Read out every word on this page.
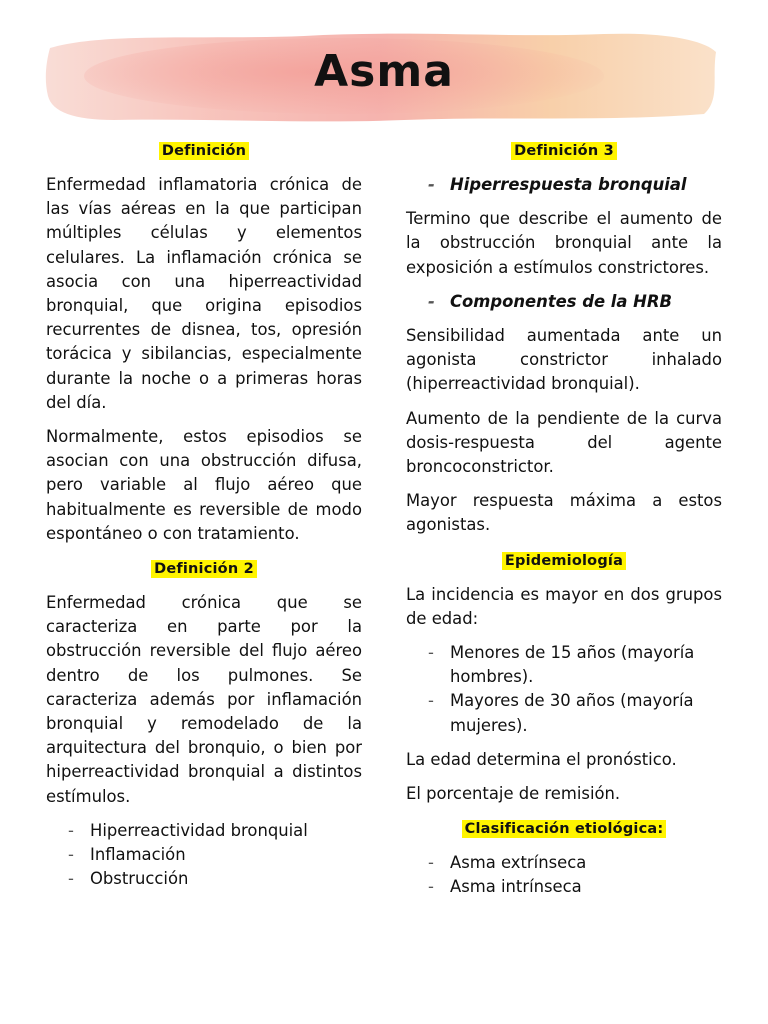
Asma
Definición
Enfermedad inflamatoria crónica de las vías aéreas en la que participan múltiples células y elementos celulares. La inflamación crónica se asocia con una hiperreactividad bronquial, que origina episodios recurrentes de disnea, tos, opresión torácica y sibilancias, especialmente durante la noche o a primeras horas del día.
Normalmente, estos episodios se asocian con una obstrucción difusa, pero variable al flujo aéreo que habitualmente es reversible de modo espontáneo o con tratamiento.
Definición 2
Enfermedad crónica que se caracteriza en parte por la obstrucción reversible del flujo aéreo dentro de los pulmones. Se caracteriza además por inflamación bronquial y remodelado de la arquitectura del bronquio, o bien por hiperreactividad bronquial a distintos estímulos.
- Hiperreactividad bronquial
- Inflamación
- Obstrucción
Definición 3
- Hiperrespuesta bronquial
Termino que describe el aumento de la obstrucción bronquial ante la exposición a estímulos constrictores.
- Componentes de la HRB
Sensibilidad aumentada ante un agonista constrictor inhalado (hiperreactividad bronquial).
Aumento de la pendiente de la curva dosis-respuesta del agente broncoconstrictor.
Mayor respuesta máxima a estos agonistas.
Epidemiología
La incidencia es mayor en dos grupos de edad:
- Menores de 15 años (mayoría hombres).
- Mayores de 30 años (mayoría mujeres).
La edad determina el pronóstico.
El porcentaje de remisión.
Clasificación etiológica:
- Asma extrínseca
- Asma intrínseca
